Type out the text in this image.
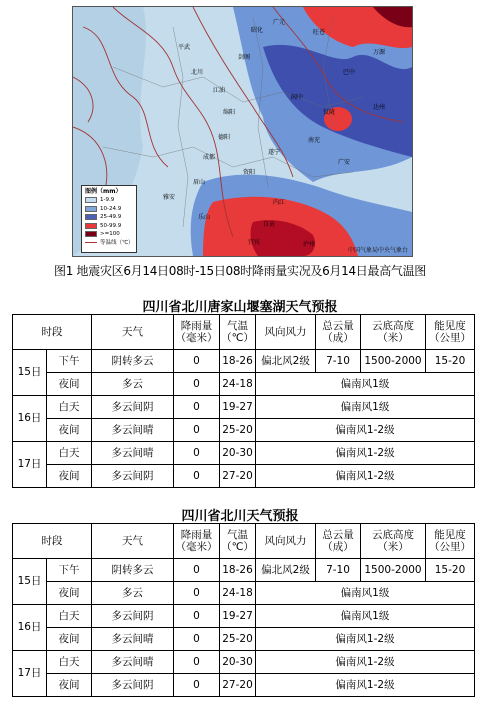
昭化
剑阁
江油
北川
平武
旺苍
广元
阆中
南充
绵阳
德阳
成都
遂宁
巴中
达州
万源
雅安
乐山
内江
宜宾
自贡
泸州
眉山
资阳
广安
仪陇
图例（mm）
1-9.9
10-24.9
25-49.9
50-99.9
>=100
等温线（℃）
中国气象局中央气象台
图1 地震灾区6月14日08时-15日08时降雨量实况及6月14日最高气温图
四川省北川唐家山堰塞湖天气预报
时段		天气	降雨量（毫米）	气温（℃）	风向风力	总云量（成）	云底高度（米）	能见度（公里）
15日	下午	阴转多云	0	18-26	偏北风2级	7-10	1500-2000	15-20
	夜间	多云	0	24-18	偏南风1级			
16日	白天	多云间阴	0	19-27	偏南风1级			
	夜间	多云间晴	0	25-20	偏南风1-2级			
17日	白天	多云间晴	0	20-30	偏南风1-2级			
	夜间	多云间阴	0	27-20	偏南风1-2级			
四川省北川天气预报
时段		天气	降雨量（毫米）	气温（℃）	风向风力	总云量（成）	云底高度（米）	能见度（公里）
15日	下午	阴转多云	0	18-26	偏北风2级	7-10	1500-2000	15-20
	夜间	多云	0	24-18	偏南风1级			
16日	白天	多云间阴	0	19-27	偏南风1级			
	夜间	多云间晴	0	25-20	偏南风1-2级			
17日	白天	多云间晴	0	20-30	偏南风1-2级			
	夜间	多云间阴	0	27-20	偏南风1-2级			
